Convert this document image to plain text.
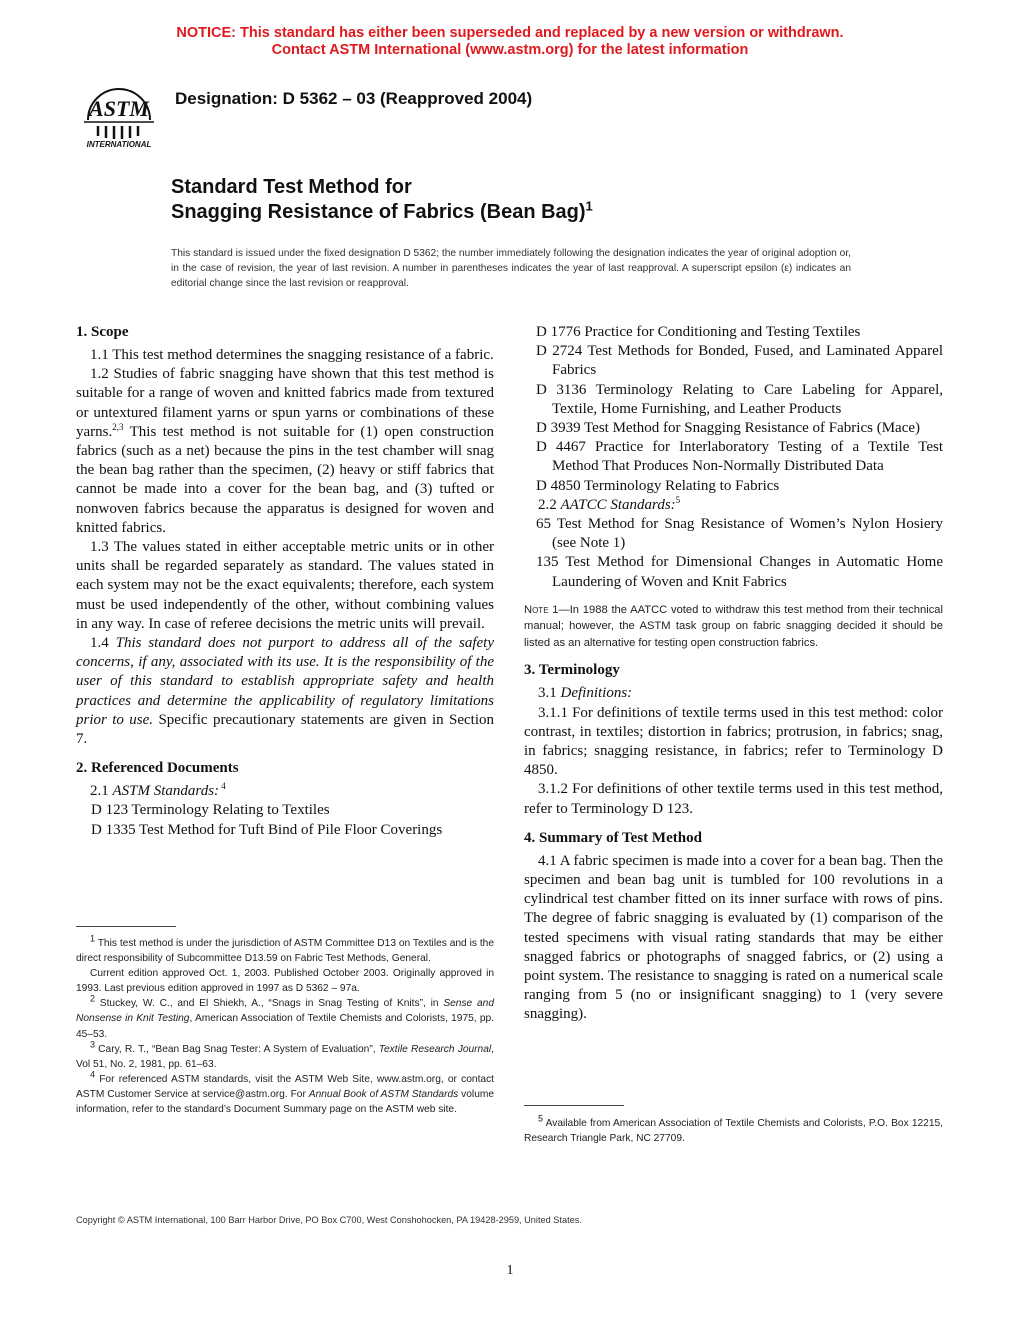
NOTICE: This standard has either been superseded and replaced by a new version or withdrawn.
Contact ASTM International (www.astm.org) for the latest information
ASTM
INTERNATIONAL
Designation: D 5362 – 03 (Reapproved 2004)
Standard Test Method for
Snagging Resistance of Fabrics (Bean Bag)$^1$
This standard is issued under the fixed designation D 5362; the number immediately following the designation indicates the year of original adoption or, in the case of revision, the year of last revision. A number in parentheses indicates the year of last reapproval. A superscript epsilon (ε) indicates an editorial change since the last revision or reapproval.
1. Scope

1.1 This test method determines the snagging resistance of a fabric.

1.2 Studies of fabric snagging have shown that this test method is suitable for a range of woven and knitted fabrics made from textured or untextured filament yarns or spun yarns or combinations of these yarns.$^{2,3}$ This test method is not suitable for (1) open construction fabrics (such as a net) because the pins in the test chamber will snag the bean bag rather than the specimen, (2) heavy or stiff fabrics that cannot be made into a cover for the bean bag, and (3) tufted or nonwoven fabrics because the apparatus is designed for woven and knitted fabrics.

1.3 The values stated in either acceptable metric units or in other units shall be regarded separately as standard. The values stated in each system may not be the exact equivalents; therefore, each system must be used independently of the other, without combining values in any way. In case of referee decisions the metric units will prevail.

1.4 This standard does not purport to address all of the safety concerns, if any, associated with its use. It is the responsibility of the user of this standard to establish appropriate safety and health practices and determine the applicability of regulatory limitations prior to use. Specific precautionary statements are given in Section 7.

2. Referenced Documents

2.1 ASTM Standards: $^4$

D 123 Terminology Relating to Textiles

D 1335 Test Method for Tuft Bind of Pile Floor Coverings

$^1$ This test method is under the jurisdiction of ASTM Committee D13 on Textiles and is the direct responsibility of Subcommittee D13.59 on Fabric Test Methods, General.

Current edition approved Oct. 1, 2003. Published October 2003. Originally approved in 1993. Last previous edition approved in 1997 as D 5362 – 97a.

$^2$ Stuckey, W. C., and El Shiekh, A., “Snags in Snag Testing of Knits”, in Sense and Nonsense in Knit Testing, American Association of Textile Chemists and Colorists, 1975, pp. 45–53.

$^3$ Cary, R. T., “Bean Bag Snag Tester: A System of Evaluation”, Textile Research Journal, Vol 51, No. 2, 1981, pp. 61–63.

$^4$ For referenced ASTM standards, visit the ASTM Web Site, www.astm.org, or contact ASTM Customer Service at service@astm.org. For Annual Book of ASTM Standards volume information, refer to the standard’s Document Summary page on the ASTM web site.

D 1776 Practice for Conditioning and Testing Textiles

D 2724 Test Methods for Bonded, Fused, and Laminated Apparel Fabrics

D 3136 Terminology Relating to Care Labeling for Apparel, Textile, Home Furnishing, and Leather Products

D 3939 Test Method for Snagging Resistance of Fabrics (Mace)

D 4467 Practice for Interlaboratory Testing of a Textile Test Method That Produces Non-Normally Distributed Data

D 4850 Terminology Relating to Fabrics

2.2 AATCC Standards:$^5$

65 Test Method for Snag Resistance of Women’s Nylon Hosiery (see Note 1)

135 Test Method for Dimensional Changes in Automatic Home Laundering of Woven and Knit Fabrics

Note 1—In 1988 the AATCC voted to withdraw this test method from their technical manual; however, the ASTM task group on fabric snagging decided it should be listed as an alternative for testing open construction fabrics.

3. Terminology

3.1 Definitions:

3.1.1 For definitions of textile terms used in this test method: color contrast, in textiles; distortion in fabrics; protrusion, in fabrics; snag, in fabrics; snagging resistance, in fabrics; refer to Terminology D 4850.

3.1.2 For definitions of other textile terms used in this test method, refer to Terminology D 123.

4. Summary of Test Method

4.1 A fabric specimen is made into a cover for a bean bag. Then the specimen and bean bag unit is tumbled for 100 revolutions in a cylindrical test chamber fitted on its inner surface with rows of pins. The degree of fabric snagging is evaluated by (1) comparison of the tested specimens with visual rating standards that may be either snagged fabrics or photographs of snagged fabrics, or (2) using a point system. The resistance to snagging is rated on a numerical scale ranging from 5 (no or insignificant snagging) to 1 (very severe snagging).

$^5$ Available from American Association of Textile Chemists and Colorists, P.O. Box 12215, Research Triangle Park, NC 27709.

Copyright © ASTM International, 100 Barr Harbor Drive, PO Box C700, West Conshohocken, PA 19428-2959, United States.
1
